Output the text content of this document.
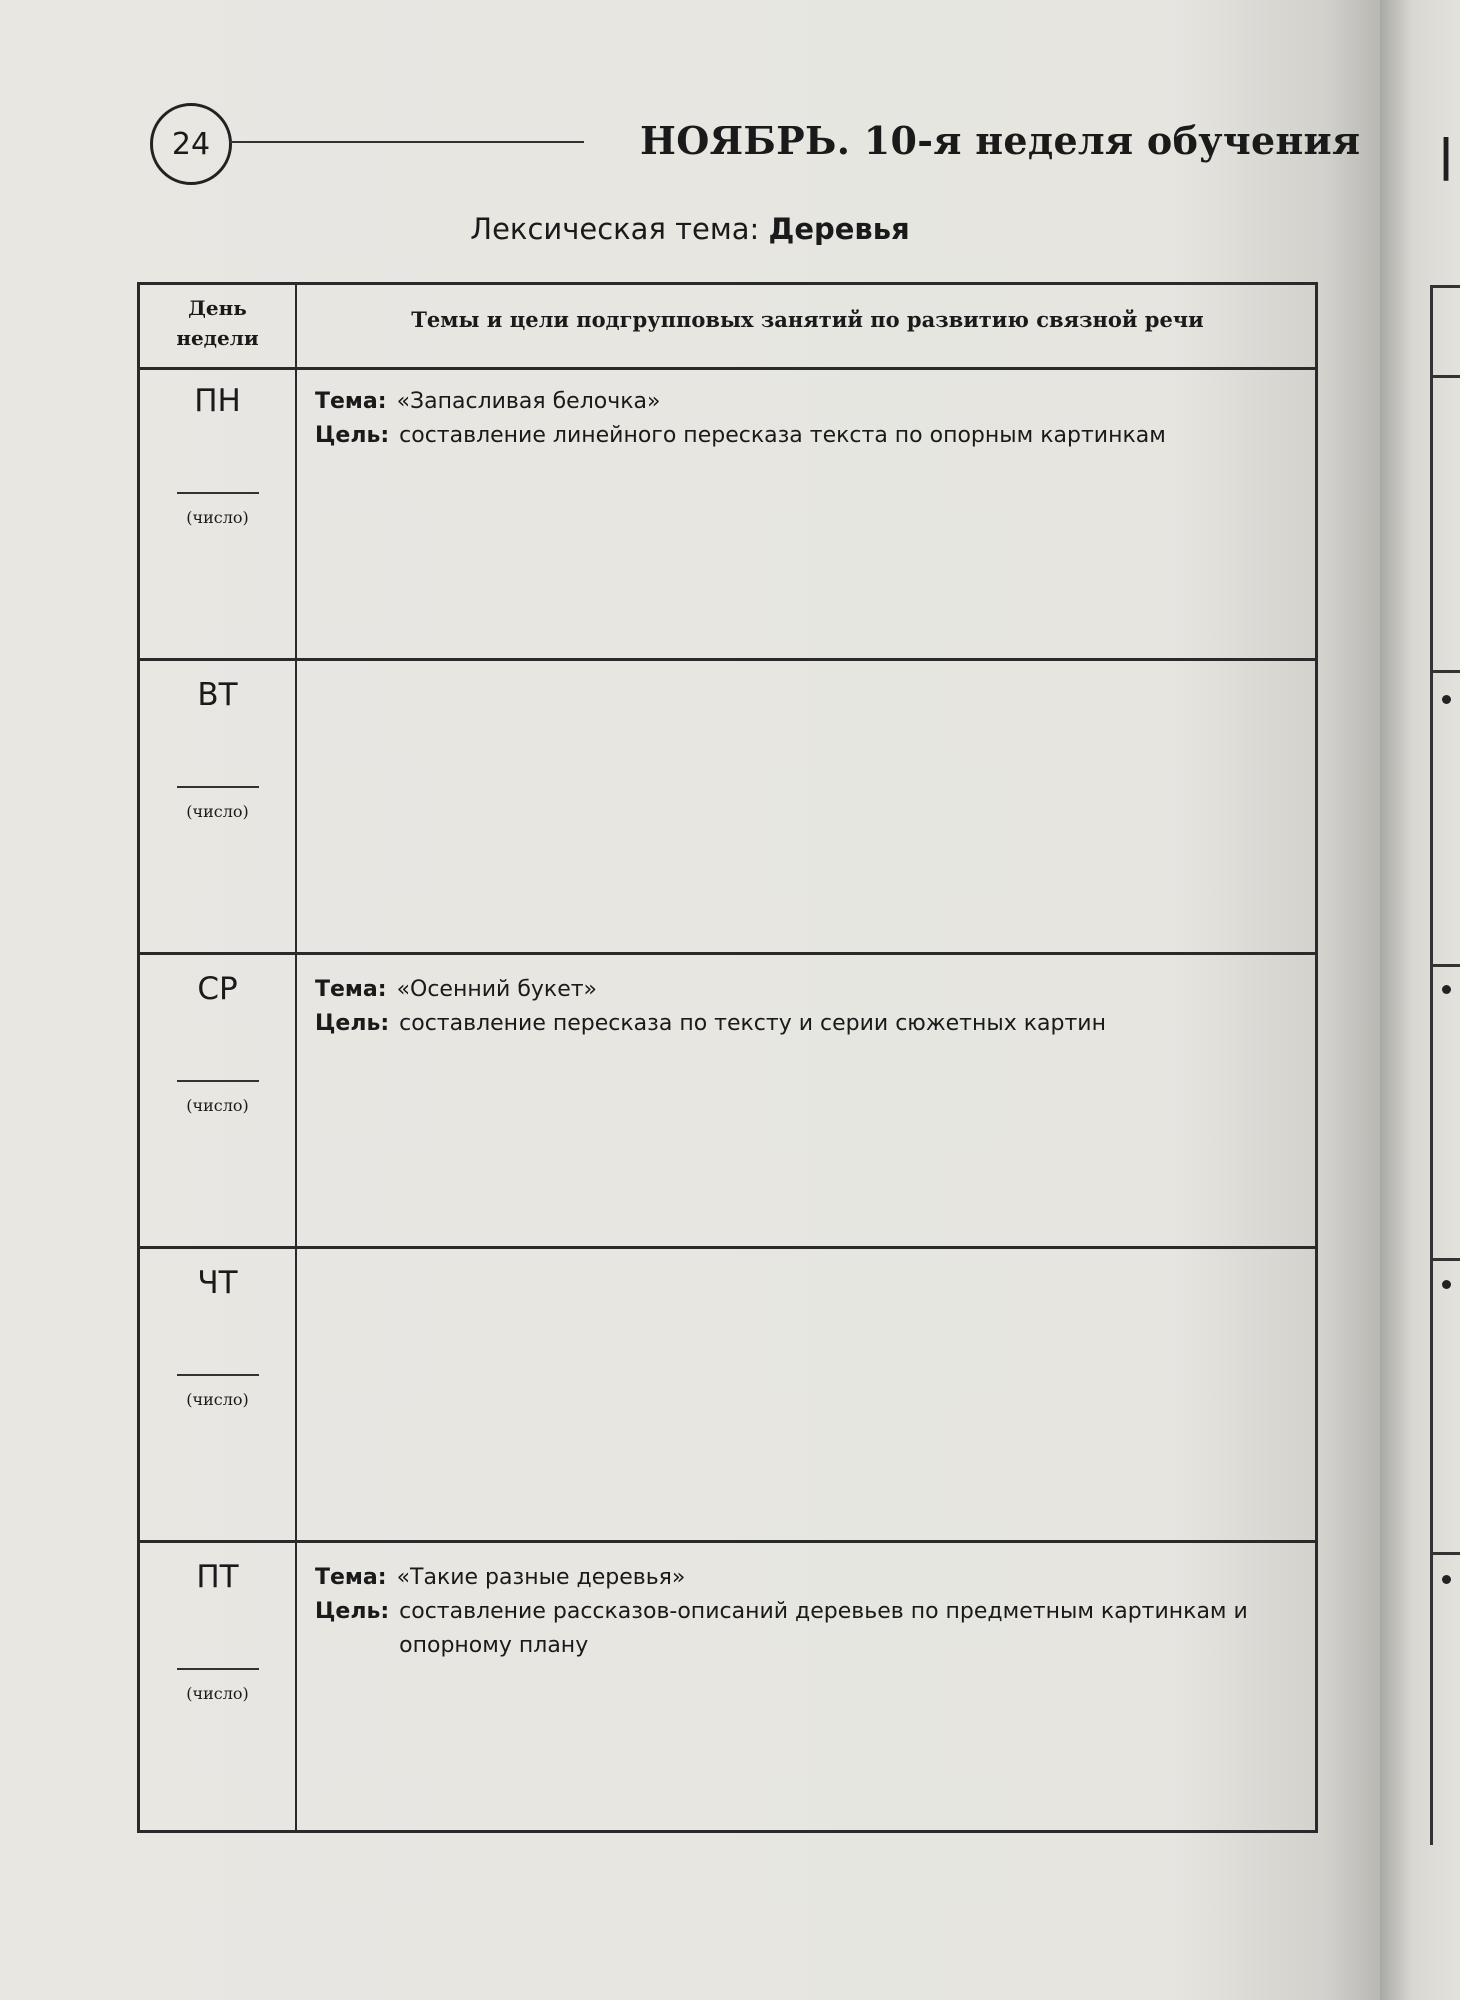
24	НОЯБРЬ. 10-я неделя обучения
Лексическая тема: Деревья
День
недели
Темы и цели подгрупповых занятий по развитию связной речи
ПН
(число)
Тема: «Запасливая белочка»
Цель: составление линейного пересказа текста по опорным картинкам
ВТ
(число)
СР
(число)
Тема: «Осенний букет»
Цель: составление пересказа по тексту и серии сюжетных картин
ЧТ
(число)
ПТ
(число)
Тема: «Такие разные деревья»
Цель: составление рассказов-описаний деревьев по предметным картинкам и опорному плану
|
